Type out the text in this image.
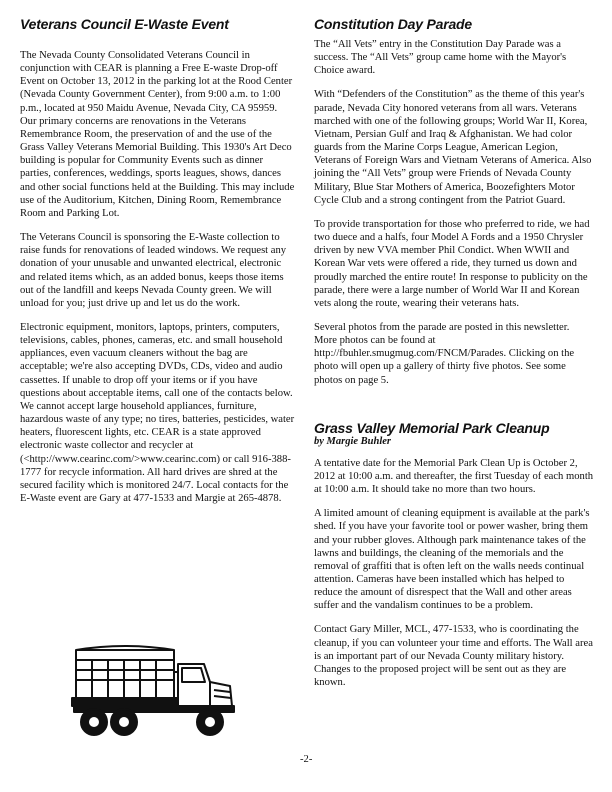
Veterans Council E-Waste Event

The Nevada County Consolidated Veterans Council in conjunction with CEAR is planning a Free E-waste Drop-off Event on October 13, 2012 in the parking lot at the Rood Center (Nevada County Government Center), from 9:00 a.m. to 1:00 p.m., located at 950 Maidu Avenue, Nevada City, CA 95959. Our primary concerns are renovations in the Veterans Remembrance Room, the preservation of and the use of the Grass Valley Veterans Memorial Building. This 1930's Art Deco building is popular for Community Events such as dinner parties, conferences, weddings, sports leagues, shows, dances and other social functions held at the Building. This may include use of the Auditorium, Kitchen, Dining Room, Remembrance Room and Parking Lot.

The Veterans Council is sponsoring the E-Waste collection to raise funds for renovations of leaded windows. We request any donation of your unusable and unwanted electrical, electronic and related items which, as an added bonus, keeps those items out of the landfill and keeps Nevada County green. We will unload for you; just drive up and let us do the work.

Electronic equipment, monitors, laptops, printers, computers, televisions, cables, phones, cameras, etc. and small household appliances, even vacuum cleaners without the bag are acceptable; we're also accepting DVDs, CDs, video and audio cassettes. If unable to drop off your items or if you have questions about acceptable items, call one of the contacts below. We cannot accept large household appliances, furniture, hazardous waste of any type; no tires, batteries, pesticides, water heaters, fluorescent lights, etc. CEAR is a state approved electronic waste collector and recycler at (<http://www.cearinc.com/>www.cearinc.com) or call 916-388-1777 for recycle information. All hard drives are shred at the secured facility which is monitored 24/7. Local contacts for the E-Waste event are Gary at 477-1533 and Margie at 265-4878.

Constitution Day Parade

The “All Vets” entry in the Constitution Day Parade was a success. The “All Vets” group came home with the Mayor's Choice award.

With “Defenders of the Constitution” as the theme of this year's parade, Nevada City honored veterans from all wars. Veterans marched with one of the following groups; World War II, Korea, Vietnam, Persian Gulf and Iraq & Afghanistan. We had color guards from the Marine Corps League, American Legion, Veterans of Foreign Wars and Vietnam Veterans of America. Also joining the “All Vets” group were Friends of Nevada County Military, Blue Star Mothers of America, Boozefighters Motor Cycle Club and a strong contingent from the Patriot Guard.

To provide transportation for those who preferred to ride, we had two duece and a halfs, four Model A Fords and a 1950 Chrysler driven by new VVA member Phil Condict. When WWII and Korean War vets were offered a ride, they turned us down and proudly marched the entire route! In response to publicity on the parade, there were a large number of World War II and Korean vets along the route, wearing their veterans hats.

Several photos from the parade are posted in this newsletter. More photos can be found at http://fbuhler.smugmug.com/FNCM/Parades. Clicking on the photo will open up a gallery of thirty five photos. See some photos on page 5.

Grass Valley Memorial Park Cleanup
by Margie Buhler

A tentative date for the Memorial Park Clean Up is October 2, 2012 at 10:00 a.m. and thereafter, the first Tuesday of each month at 10:00 a.m. It should take no more than two hours.

A limited amount of cleaning equipment is available at the park's shed. If you have your favorite tool or power washer, bring them and your rubber gloves. Although park maintenance takes of the lawns and buildings, the cleaning of the memorials and the removal of graffiti that is often left on the walls needs continual attention. Cameras have been installed which has helped to reduce the amount of disrespect that the Wall and other areas suffer and the vandalism continues to be a problem.

Contact Gary Miller, MCL, 477-1533, who is coordinating the cleanup, if you can volunteer your time and efforts. The Wall area is an important part of our Nevada County military history. Changes to the proposed project will be sent out as they are known.

-2-
